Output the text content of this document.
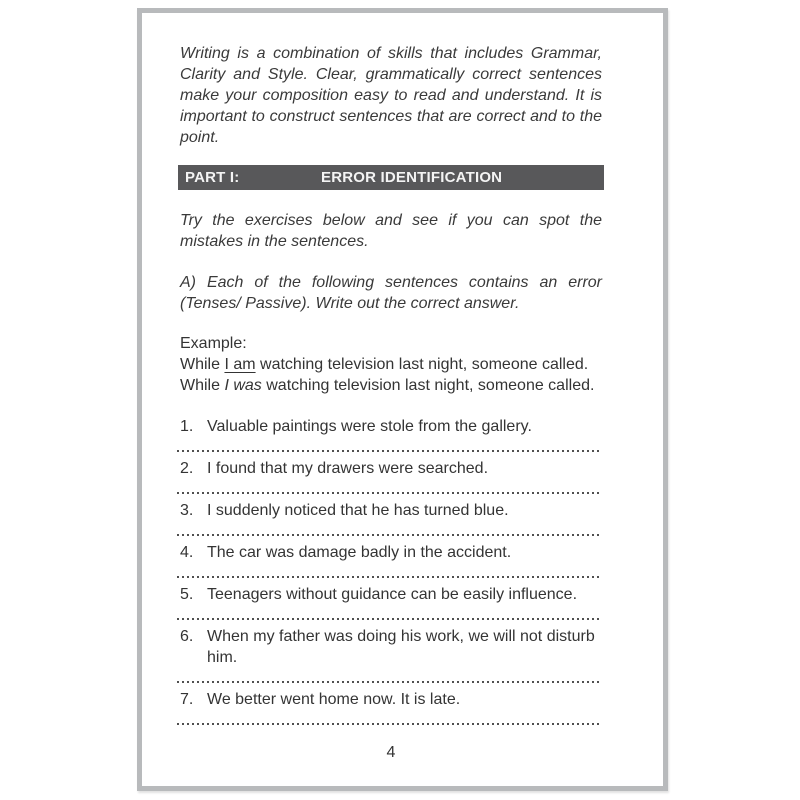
Writing is a combination of skills that includes Grammar, Clarity and Style. Clear, grammatically correct sentences make your composition easy to read and understand. It is important to construct sentences that are correct and to the point.

PART I:	ERROR IDENTIFICATION

Try the exercises below and see if you can spot the mistakes in the sentences.

A) Each of the following sentences contains an error (Tenses/ Passive). Write out the correct answer.

Example:

While I am watching television last night, someone called.

While I was watching television last night, someone called.

1. Valuable paintings were stole from the gallery.
2. I found that my drawers were searched.
3. I suddenly noticed that he has turned blue.
4. The car was damage badly in the accident.
5. Teenagers without guidance can be easily influence.
6. When my father was doing his work, we will not disturb him.
7. We better went home now. It is late.
4
